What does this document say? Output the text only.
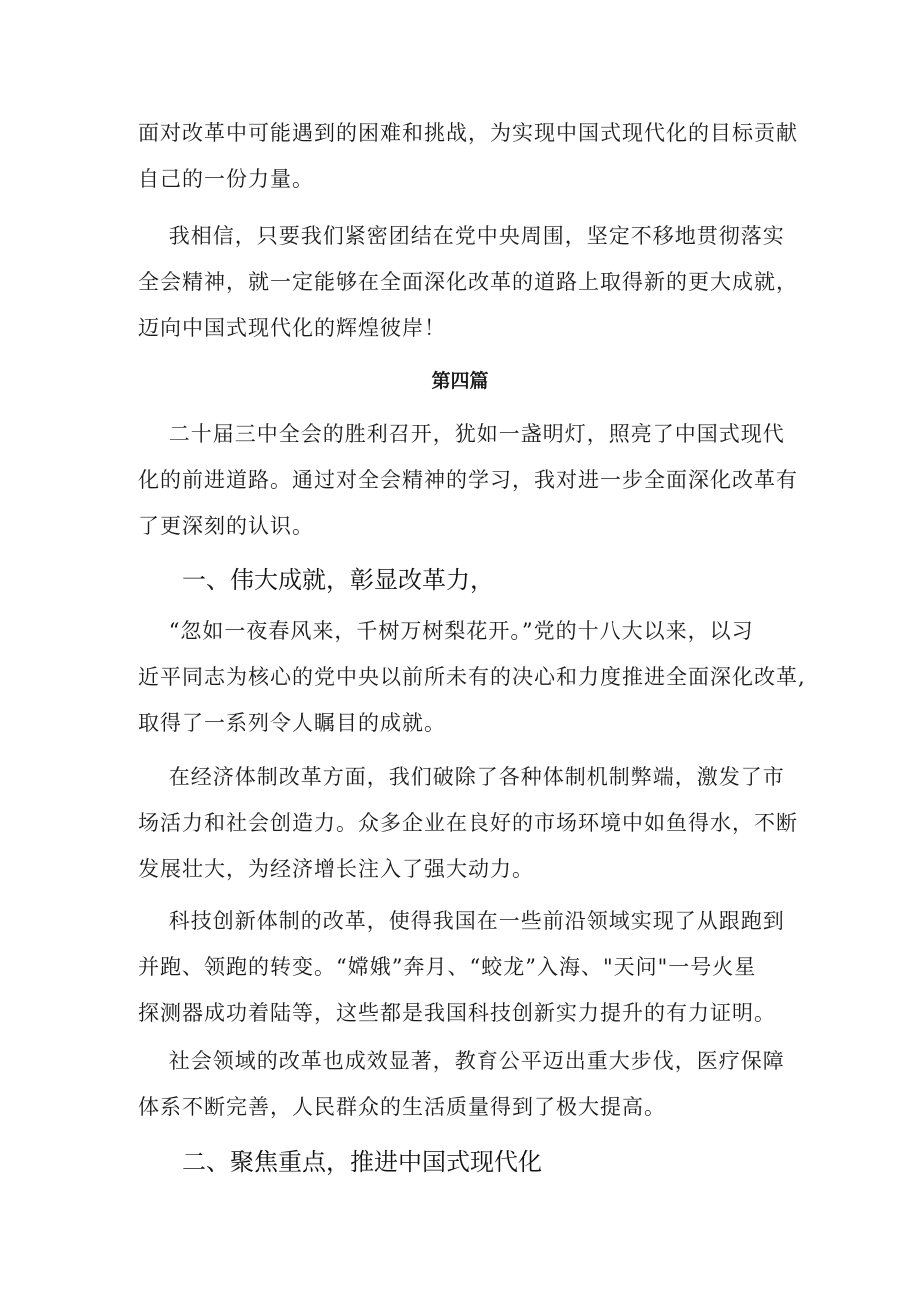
面对改革中可能遇到的困难和挑战，为实现中国式现代化的目标贡献
自己的一份力量。
我相信，只要我们紧密团结在党中央周围，坚定不移地贯彻落实
全会精神，就一定能够在全面深化改革的道路上取得新的更大成就，
迈向中国式现代化的辉煌彼岸！
第四篇
二十届三中全会的胜利召开，犹如一盏明灯，照亮了中国式现代
化的前进道路。通过对全会精神的学习，我对进一步全面深化改革有
了更深刻的认识。
一、伟大成就，彰显改革力，
“忽如一夜春风来，千树万树梨花开。”党的十八大以来，以习
近平同志为核心的党中央以前所未有的决心和力度推进全面深化改革,
取得了一系列令人瞩目的成就。
在经济体制改革方面，我们破除了各种体制机制弊端，激发了市
场活力和社会创造力。众多企业在良好的市场环境中如鱼得水，不断
发展壮大，为经济增长注入了强大动力。
科技创新体制的改革，使得我国在一些前沿领域实现了从跟跑到
并跑、领跑的转变。“嫦娥”奔月、“蛟龙”入海、"天问"一号火星
探测器成功着陆等，这些都是我国科技创新实力提升的有力证明。
社会领域的改革也成效显著，教育公平迈出重大步伐，医疗保障
体系不断完善，人民群众的生活质量得到了极大提高。
二、聚焦重点，推进中国式现代化
